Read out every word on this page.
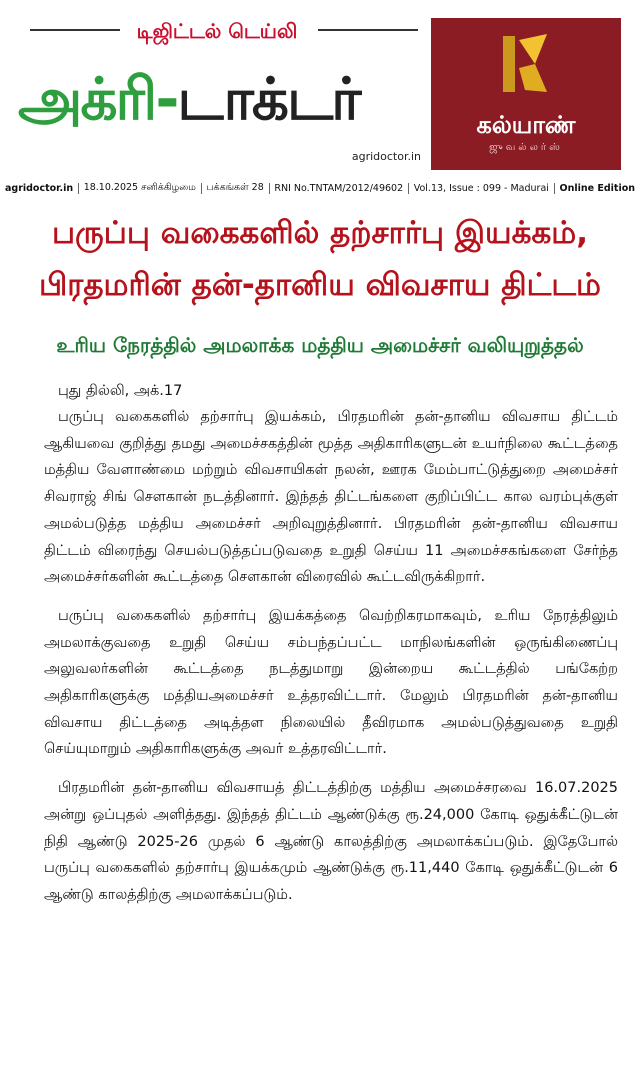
டிஜிட்டல் டெய்லி
அக்ரி-டாக்டர்
agridoctor.in
கல்யாண்
ஜுவல்லர்ஸ்
agridoctor.in	18.10.2025 சனிக்கிழமை	பக்கங்கள் 28	RNI No.TNTAM/2012/49602	Vol.13, Issue : 099 - Madurai	Online Edition
பருப்பு வகைகளில் தற்சார்பு இயக்கம்,
பிரதமரின் தன்-தானிய விவசாய திட்டம்
உரிய நேரத்தில் அமலாக்க மத்திய அமைச்சர் வலியுறுத்தல்

புது தில்லி, அக்.17

பருப்பு வகைகளில் தற்சார்பு இயக்கம், பிரதமரின் தன்-தானிய விவசாய திட்டம் ஆகியவை குறித்து தமது அமைச்சகத்தின் மூத்த அதிகாரிகளுடன் உயர்நிலை கூட்டத்தை மத்திய வேளாண்மை மற்றும் விவசாயிகள் நலன், ஊரக மேம்பாட்டுத்துறை அமைச்சர் சிவராஜ் சிங் சௌகான் நடத்தினார். இந்தத் திட்டங்களை குறிப்பிட்ட கால வரம்புக்குள் அமல்படுத்த மத்திய அமைச்சர் அறிவுறுத்தினார். பிரதமரின் தன்-தானிய விவசாய திட்டம் விரைந்து செயல்படுத்தப்படுவதை உறுதி செய்ய 11 அமைச்சகங்களை சேர்ந்த அமைச்சர்களின் கூட்டத்தை சௌகான் விரைவில் கூட்டவிருக்கிறார்.

பருப்பு வகைகளில் தற்சார்பு இயக்கத்தை வெற்றிகரமாகவும், உரிய நேரத்திலும் அமலாக்குவதை உறுதி செய்ய சம்பந்தப்பட்ட மாநிலங்களின் ஒருங்கிணைப்பு அலுவலர்களின் கூட்டத்தை நடத்துமாறு இன்றைய கூட்டத்தில் பங்கேற்ற அதிகாரிகளுக்கு மத்தியஅமைச்சர் உத்தரவிட்டார். மேலும் பிரதமரின் தன்-தானிய விவசாய திட்டத்தை அடித்தள நிலையில் தீவிரமாக அமல்படுத்துவதை உறுதி செய்யுமாறும் அதிகாரிகளுக்கு அவர் உத்தரவிட்டார்.

பிரதமரின் தன்-தானிய விவசாயத் திட்டத்திற்கு மத்திய அமைச்சரவை 16.07.2025 அன்று ஒப்புதல் அளித்தது. இந்தத் திட்டம் ஆண்டுக்கு ரூ.24,000 கோடி ஒதுக்கீட்டுடன் நிதி ஆண்டு 2025-26 முதல் 6 ஆண்டு காலத்திற்கு அமலாக்கப்படும். இதேபோல் பருப்பு வகைகளில் தற்சார்பு இயக்கமும் ஆண்டுக்கு ரூ.11,440 கோடி ஒதுக்கீட்டுடன் 6 ஆண்டு காலத்திற்கு அமலாக்கப்படும்.
